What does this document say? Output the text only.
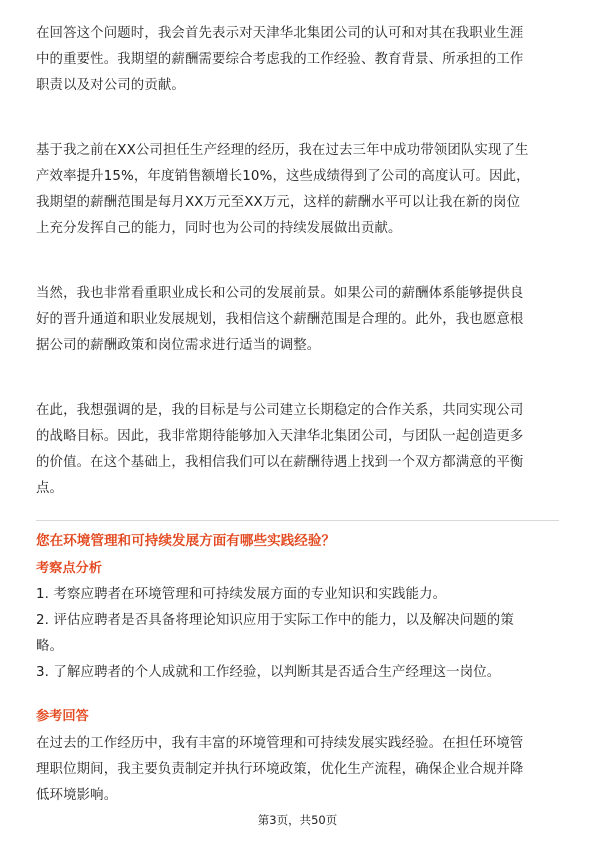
在回答这个问题时，我会首先表示对天津华北集团公司的认可和对其在我职业生涯
中的重要性。我期望的薪酬需要综合考虑我的工作经验、教育背景、所承担的工作
职责以及对公司的贡献。
基于我之前在XX公司担任生产经理的经历，我在过去三年中成功带领团队实现了生
产效率提升15%，年度销售额增长10%，这些成绩得到了公司的高度认可。因此，
我期望的薪酬范围是每月XX万元至XX万元，这样的薪酬水平可以让我在新的岗位
上充分发挥自己的能力，同时也为公司的持续发展做出贡献。
当然，我也非常看重职业成长和公司的发展前景。如果公司的薪酬体系能够提供良
好的晋升通道和职业发展规划，我相信这个薪酬范围是合理的。此外，我也愿意根
据公司的薪酬政策和岗位需求进行适当的调整。
在此，我想强调的是，我的目标是与公司建立长期稳定的合作关系，共同实现公司
的战略目标。因此，我非常期待能够加入天津华北集团公司，与团队一起创造更多
的价值。在这个基础上，我相信我们可以在薪酬待遇上找到一个双方都满意的平衡
点。
您在环境管理和可持续发展方面有哪些实践经验？
考察点分析
1. 考察应聘者在环境管理和可持续发展方面的专业知识和实践能力。
2. 评估应聘者是否具备将理论知识应用于实际工作中的能力，以及解决问题的策
略。
3. 了解应聘者的个人成就和工作经验，以判断其是否适合生产经理这一岗位。
参考回答
在过去的工作经历中，我有丰富的环境管理和可持续发展实践经验。在担任环境管
理职位期间，我主要负责制定并执行环境政策，优化生产流程，确保企业合规并降
低环境影响。
第3页，共50页
